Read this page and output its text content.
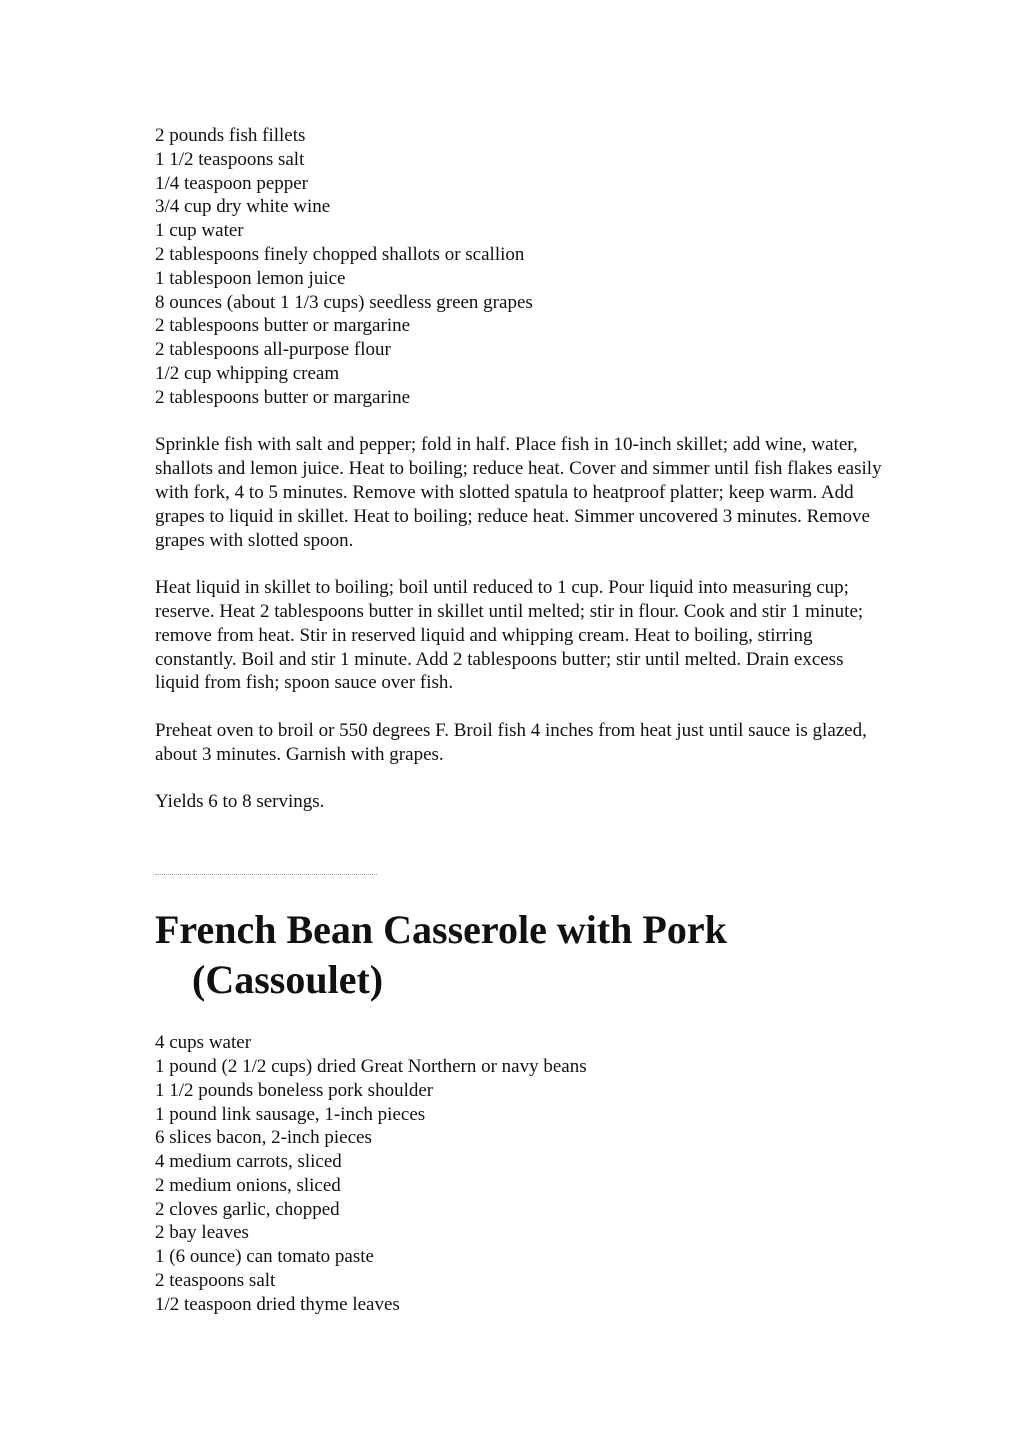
2 pounds fish fillets
1 1/2 teaspoons salt
1/4 teaspoon pepper
3/4 cup dry white wine
1 cup water
2 tablespoons finely chopped shallots or scallion
1 tablespoon lemon juice
8 ounces (about 1 1/3 cups) seedless green grapes
2 tablespoons butter or margarine
2 tablespoons all-purpose flour
1/2 cup whipping cream
2 tablespoons butter or margarine

Sprinkle fish with salt and pepper; fold in half. Place fish in 10-inch skillet; add wine, water, shallots and lemon juice. Heat to boiling; reduce heat. Cover and simmer until fish flakes easily with fork, 4 to 5 minutes. Remove with slotted spatula to heatproof platter; keep warm. Add grapes to liquid in skillet. Heat to boiling; reduce heat. Simmer uncovered 3 minutes. Remove grapes with slotted spoon.

Heat liquid in skillet to boiling; boil until reduced to 1 cup. Pour liquid into measuring cup; reserve. Heat 2 tablespoons butter in skillet until melted; stir in flour. Cook and stir 1 minute; remove from heat. Stir in reserved liquid and whipping cream. Heat to boiling, stirring constantly. Boil and stir 1 minute. Add 2 tablespoons butter; stir until melted. Drain excess liquid from fish; spoon sauce over fish.

Preheat oven to broil or 550 degrees F. Broil fish 4 inches from heat just until sauce is glazed, about 3 minutes. Garnish with grapes.

Yields 6 to 8 servings.

French Bean Casserole with Pork (Cassoulet)
4 cups water
1 pound (2 1/2 cups) dried Great Northern or navy beans
1 1/2 pounds boneless pork shoulder
1 pound link sausage, 1-inch pieces
6 slices bacon, 2-inch pieces
4 medium carrots, sliced
2 medium onions, sliced
2 cloves garlic, chopped
2 bay leaves
1 (6 ounce) can tomato paste
2 teaspoons salt
1/2 teaspoon dried thyme leaves
